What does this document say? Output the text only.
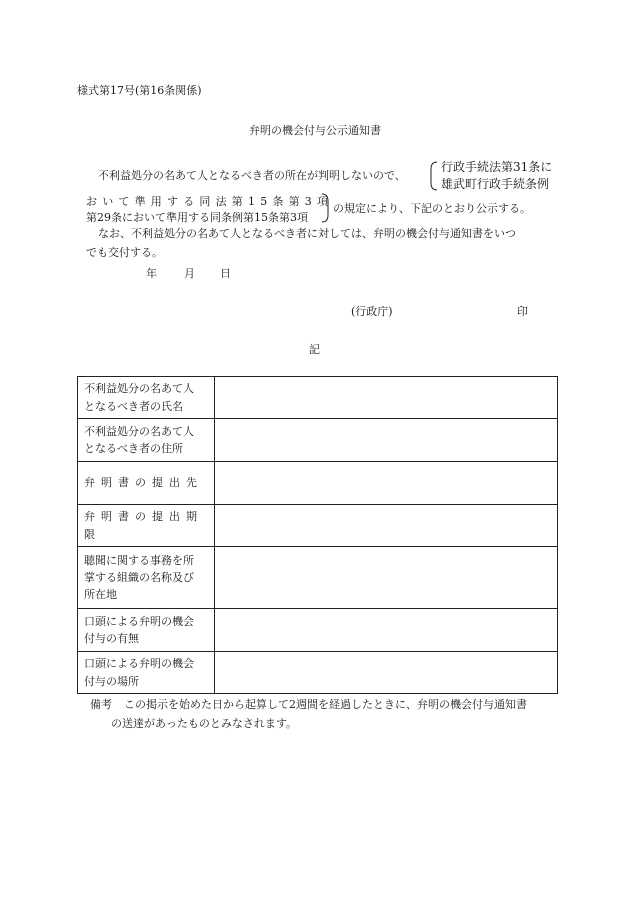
様式第17号(第16条関係)
弁明の機会付与公示通知書
不利益処分の名あて人となるべき者の所在が判明しないので、
行政手続法第31条に
雄武町行政手続条例
おいて準用する同法第15条第3項
第29条において準用する同条例第15条第3項
の規定により、下記のとおり公示する。
なお、不利益処分の名あて人となるべき者に対しては、弁明の機会付与通知書をいつ
でも交付する。
年 月 日
(行政庁)	印
記
不利益処分の名あて人
となるべき者の氏名	

不利益処分の名あて人
となるべき者の住所	

弁明書の提出先	

弁明書の提出期限	

聴聞に関する事務を所
掌する組織の名称及び
所在地	

口頭による弁明の機会
付与の有無	

口頭による弁明の機会
付与の場所	

備考 この掲示を始めた日から起算して2週間を経過したときに、弁明の機会付与通知書
の送達があったものとみなされます。
